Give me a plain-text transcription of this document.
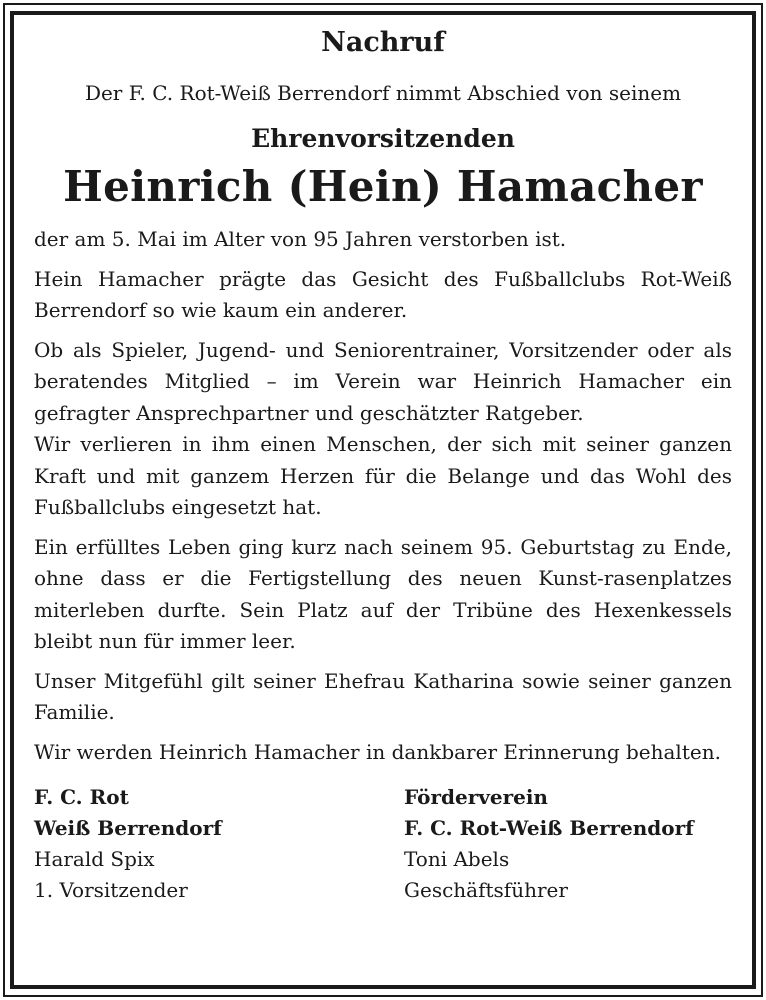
Nachruf

Der F. C. Rot-Weiß Berrendorf nimmt Abschied von seinem

Ehrenvorsitzenden

Heinrich (Hein) Hamacher

der am 5. Mai im Alter von 95 Jahren verstorben ist.

Hein Hamacher prägte das Gesicht des Fußballclubs Rot-Weiß Berrendorf so wie kaum ein anderer.

Ob als Spieler, Jugend- und Seniorentrainer, Vorsitzender oder als beratendes Mitglied – im Verein war Heinrich Hamacher ein gefragter Ansprechpartner und geschätzter Ratgeber.

Wir verlieren in ihm einen Menschen, der sich mit seiner ganzen Kraft und mit ganzem Herzen für die Belange und das Wohl des Fußballclubs eingesetzt hat.

Ein erfülltes Leben ging kurz nach seinem 95. Geburtstag zu Ende, ohne dass er die Fertigstellung des neuen Kunst-rasenplatzes miterleben durfte. Sein Platz auf der Tribüne des Hexenkessels bleibt nun für immer leer.

Unser Mitgefühl gilt seiner Ehefrau Katharina sowie seiner ganzen Familie.

Wir werden Heinrich Hamacher in dankbarer Erinnerung behalten.

F. C. Rot
Weiß Berrendorf
Harald Spix
1. Vorsitzender
Förderverein
F. C. Rot-Weiß Berrendorf
Toni Abels
Geschäftsführer
